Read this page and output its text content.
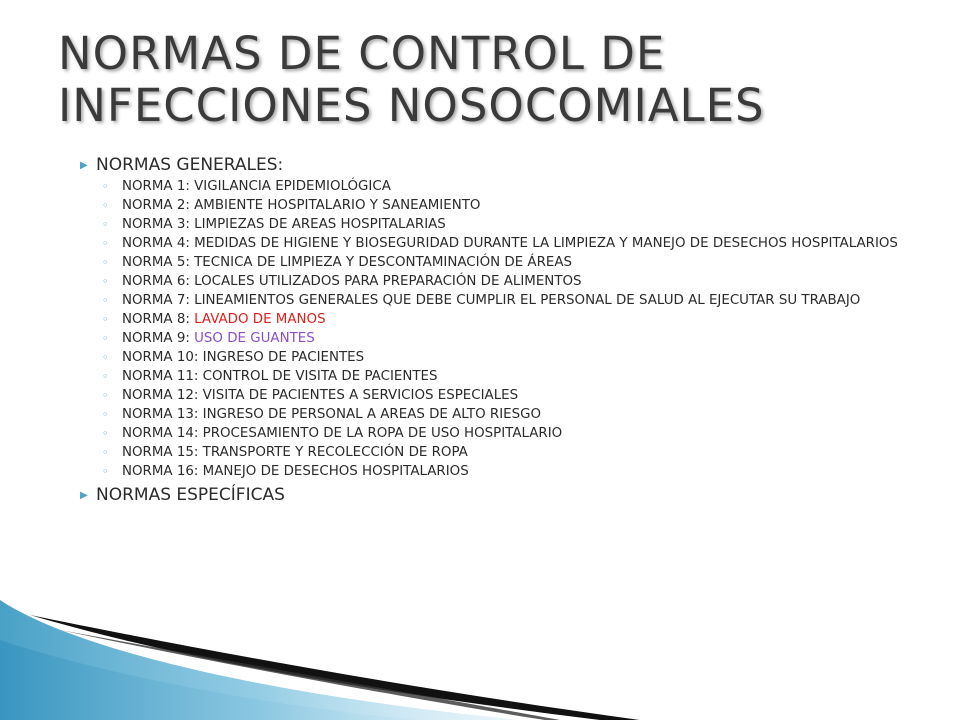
NORMAS DE CONTROL DE INFECCIONES NOSOCOMIALES
▶ NORMAS GENERALES:
◦	NORMA 1: VIGILANCIA EPIDEMIOLÓGICA
◦	NORMA 2: AMBIENTE HOSPITALARIO Y SANEAMIENTO
◦	NORMA 3: LIMPIEZAS DE AREAS HOSPITALARIAS
◦	NORMA 4: MEDIDAS DE HIGIENE Y BIOSEGURIDAD DURANTE LA LIMPIEZA Y MANEJO DE DESECHOS HOSPITALARIOS
◦	NORMA 5: TECNICA DE LIMPIEZA Y DESCONTAMINACIÓN DE ÁREAS
◦	NORMA 6: LOCALES UTILIZADOS PARA PREPARACIÓN DE ALIMENTOS
◦	NORMA 7: LINEAMIENTOS GENERALES QUE DEBE CUMPLIR EL PERSONAL DE SALUD AL EJECUTAR SU TRABAJO
◦	NORMA 8: LAVADO DE MANOS
◦	NORMA 9: USO DE GUANTES
◦	NORMA 10: INGRESO DE PACIENTES
◦	NORMA 11: CONTROL DE VISITA DE PACIENTES
◦	NORMA 12: VISITA DE PACIENTES A SERVICIOS ESPECIALES
◦	NORMA 13: INGRESO DE PERSONAL A AREAS DE ALTO RIESGO
◦	NORMA 14: PROCESAMIENTO DE LA ROPA DE USO HOSPITALARIO
◦	NORMA 15: TRANSPORTE Y RECOLECCIÓN DE ROPA
◦	NORMA 16: MANEJO DE DESECHOS HOSPITALARIOS
▶ NORMAS ESPECÍFICAS
